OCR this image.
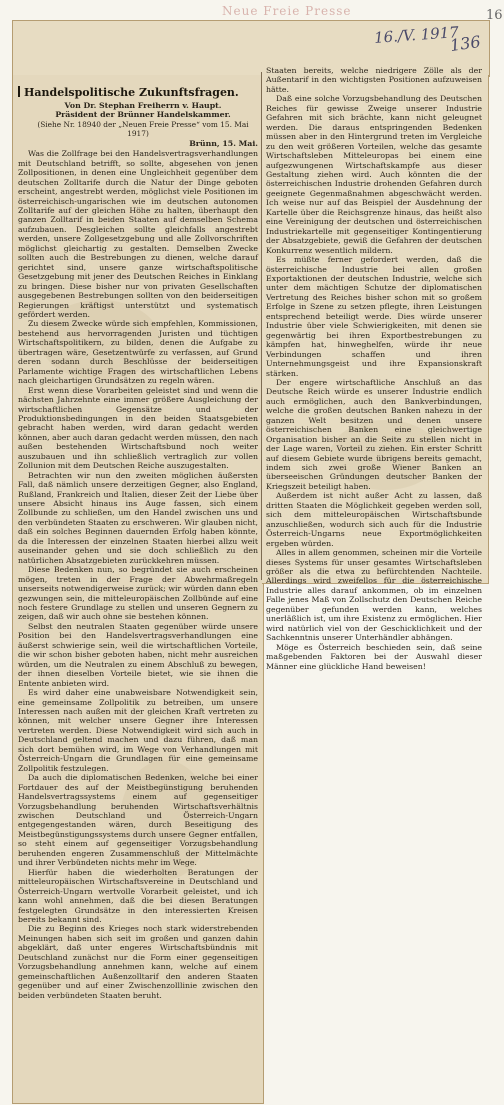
Neue Freie Presse

16./V. 1917

136

16

Handelspolitische Zukunftsfragen.

Von Dr. Stephan Freiherrn v. Haupt.

Präsident der Brünner Handelskammer.

(Siehe Nr. 18940 der „Neuen Freie Presse“ vom 15. Mai 1917)

Brünn, 15. Mai.

Was die Zollfrage bei den Handelsvertragsverhandlungen mit Deutschland betrifft, so sollte, abgesehen von jenen Zollpositionen, in denen eine Ungleichheit gegenüber dem deutschen Zolltarife durch die Natur der Dinge geboten erscheint, angestrebt werden, möglichst viele Positionen im österreichisch-ungarischen wie im deutschen autonomen Zolltarife auf der gleichen Höhe zu halten, überhaupt den ganzen Zolltarif in beiden Staaten auf demselben Schema aufzubauen. Desgleichen sollte gleichfalls angestrebt werden, unsere Zollgesetzgebung und alle Zollvorschriften möglichst gleichartig zu gestalten. Demselben Zwecke sollten auch die Bestrebungen zu dienen, welche darauf gerichtet sind, unsere ganze wirtschaftspolitische Gesetzgebung mit jener des Deutschen Reiches in Einklang zu bringen. Diese bisher nur von privaten Gesellschaften ausgegebenen Bestrebungen sollten von den beiderseitigen Regierungen kräftigst unterstützt und systematisch gefördert werden.

Zu diesem Zwecke würde sich empfehlen, Kommissionen, bestehend aus hervorragenden Juristen und tüchtigen Wirtschaftspolitikern, zu bilden, denen die Aufgabe zu übertragen wäre, Gesetzentwürfe zu verfassen, auf Grund deren sodann durch Beschlüsse der beiderseitigen Parlamente wichtige Fragen des wirtschaftlichen Lebens nach gleichartigen Grundsätzen zu regeln wären.

Erst wenn diese Vorarbeiten geleistet sind und wenn die nächsten Jahrzehnte eine immer größere Ausgleichung der wirtschaftlichen Gegensätze und der Produktionsbedingungen in den beiden Staatsgebieten gebracht haben werden, wird daran gedacht werden können, aber auch daran gedacht werden müssen, den nach außen bestehenden Wirtschaftsbund noch weiter auszubauen und ihn schließlich vertraglich zur vollen Zollunion mit dem Deutschen Reiche auszugestalten.

Betrachten wir nun den zweiten möglichen äußersten Fall, daß nämlich unsere derzeitigen Gegner, also England, Rußland, Frankreich und Italien, dieser Zeit der Liebe über unsere Absicht hinaus ins Auge fassen, sich einem Zollbunde zu schließen, um den Handel zwischen uns und den verbündeten Staaten zu erschweren. Wir glauben nicht, daß ein solches Beginnen dauernden Erfolg haben könnte, da die Interessen der einzelnen Staaten hierbei allzu weit auseinander gehen und sie doch schließlich zu den natürlichen Absatzgebieten zurückkehren müssen.

Diese Bedenken nun, so begründet sie auch erscheinen mögen, treten in der Frage der Abwehrmaßregeln unserseits notwendigerweise zurück; wir würden dann eben gezwungen sein, die mitteleuropäischen Zollbünde auf eine noch festere Grundlage zu stellen und unseren Gegnern zu zeigen, daß wir auch ohne sie bestehen können.

Selbst den neutralen Staaten gegenüber würde unsere Position bei den Handelsvertragsverhandlungen eine äußerst schwierige sein, weil die wirtschaftlichen Vorteile, die wir schon bisher geboten haben, nicht mehr ausreichen würden, um die Neutralen zu einem Abschluß zu bewegen, der ihnen dieselben Vorteile bietet, wie sie ihnen die Entente anbieten wird.

Es wird daher eine unabweisbare Notwendigkeit sein, eine gemeinsame Zollpolitik zu betreiben, um unsere Interessen nach außen mit der gleichen Kraft vertreten zu können, mit welcher unsere Gegner ihre Interessen vertreten werden. Diese Notwendigkeit wird sich auch in Deutschland geltend machen und dazu führen, daß man sich dort bemühen wird, im Wege von Verhandlungen mit Österreich-Ungarn die Grundlagen für eine gemeinsame Zollpolitik festzulegen.

Da auch die diplomatischen Bedenken, welche bei einer Fortdauer des auf der Meistbegünstigung beruhenden Handelsvertragssystems einem auf gegenseitiger Vorzugsbehandlung beruhenden Wirtschaftsverhältnis zwischen Deutschland und Österreich-Ungarn entgegengestanden wären, durch Beseitigung des Meistbegünstigungssystems durch unsere Gegner entfallen, so steht einem auf gegenseitiger Vorzugsbehandlung beruhenden engeren Zusammenschluß der Mittelmächte und ihrer Verbündeten nichts mehr im Wege.

Hierfür haben die wiederholten Beratungen der mitteleuropäischen Wirtschaftsvereine in Deutschland und Österreich-Ungarn wertvolle Vorarbeit geleistet, und ich kann wohl annehmen, daß die bei diesen Beratungen festgelegten Grundsätze in den interessierten Kreisen bereits bekannt sind.

Die zu Beginn des Krieges noch stark widerstrebenden Meinungen haben sich seit im großen und ganzen dahin abgeklärt, daß unter engeres Wirtschaftsbündnis mit Deutschland zunächst nur die Form einer gegenseitigen Vorzugsbehandlung annehmen kann, welche auf einem gemeinschaftlichen Außenzolltarif den anderen Staaten gegenüber und auf einer Zwischenzolllinie zwischen den beiden verbündeten Staaten beruht.

Staaten bereits, welche niedrigere Zölle als der Außentarif in den wichtigsten Positionen aufzuweisen hätte.

Daß eine solche Vorzugsbehandlung des Deutschen Reiches für gewisse Zweige unserer Industrie Gefahren mit sich brächte, kann nicht geleugnet werden. Die daraus entspringenden Bedenken müssen aber in den Hintergrund treten im Vergleiche zu den weit größeren Vorteilen, welche das gesamte Wirtschaftsleben Mitteleuropas bei einem eine aufgezwungenen Wirtschaftskampfe aus dieser Gestaltung ziehen wird. Auch könnten die der österreichischen Industrie drohenden Gefahren durch geeignete Gegenmaßnahmen abgeschwächt werden. Ich weise nur auf das Beispiel der Ausdehnung der Kartelle über die Reichsgrenze hinaus, das heißt also eine Vereinigung der deutschen und österreichischen Industriekartelle mit gegenseitiger Kontingentierung der Absatzgebiete, gewiß die Gefahren der deutschen Konkurrenz wesentlich mildern.

Es müßte ferner gefordert werden, daß die österreichische Industrie bei allen großen Exportaktionen der deutschen Industrie, welche sich unter dem mächtigen Schutze der diplomatischen Vertretung des Reiches bisher schon mit so großem Erfolge in Szene zu setzen pflegte, ihren Leistungen entsprechend beteiligt werde. Dies würde unserer Industrie über viele Schwierigkeiten, mit denen sie gegenwärtig bei ihren Exportbestrebungen zu kämpfen hat, hinweghelfen, würde ihr neue Verbindungen schaffen und ihren Unternehmungsgeist und ihre Expansionskraft stärken.

Der engere wirtschaftliche Anschluß an das Deutsche Reich würde es unserer Industrie endlich auch ermöglichen, auch den Bankverbindungen, welche die großen deutschen Banken nahezu in der ganzen Welt besitzen und denen unsere österreichischen Banken eine gleichwertige Organisation bisher an die Seite zu stellen nicht in der Lage waren, Vorteil zu ziehen. Ein erster Schritt auf diesem Gebiete wurde übrigens bereits gemacht, indem sich zwei große Wiener Banken an überseeischen Gründungen deutscher Banken der Kriegszeit beteiligt haben.

Außerdem ist nicht außer Acht zu lassen, daß dritten Staaten die Möglichkeit gegeben werden soll, sich dem mitteleuropäischen Wirtschaftsbunde anzuschließen, wodurch sich auch für die Industrie Österreich-Ungarns neue Exportmöglichkeiten ergeben würden.

Alles in allem genommen, scheinen mir die Vorteile dieses Systems für unser gesamtes Wirtschaftsleben größer als die etwa zu befürchtenden Nachteile. Allerdings wird zweifellos für die österreichische Industrie alles darauf ankommen, ob im einzelnen Falle jenes Maß von Zollschutz den Deutschen Reiche gegenüber gefunden werden kann, welches unerläßlich ist, um ihre Existenz zu ermöglichen. Hier wird natürlich viel von der Geschicklichkeit und der Sachkenntnis unserer Unterhändler abhängen.

Möge es Österreich beschieden sein, daß seine maßgebenden Faktoren bei der Auswahl dieser Männer eine glückliche Hand beweisen!
